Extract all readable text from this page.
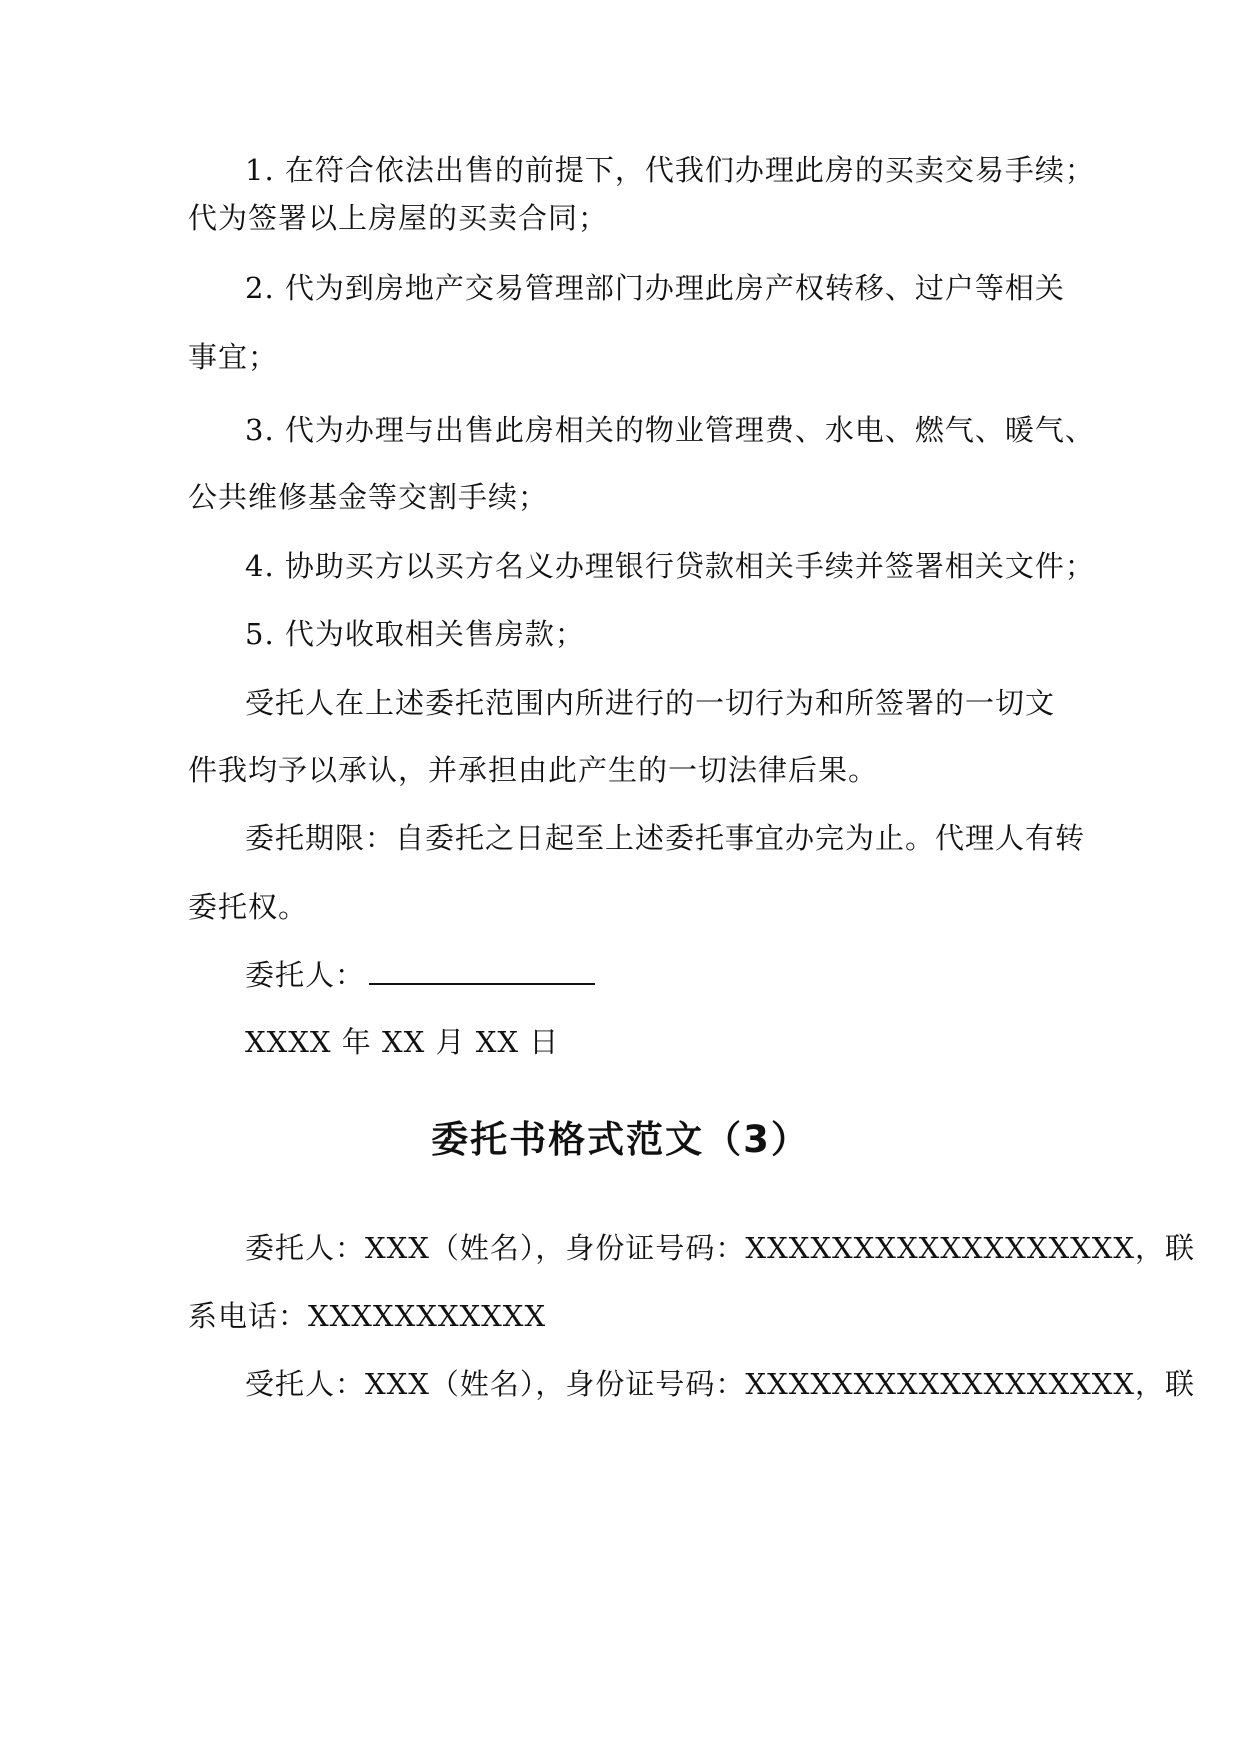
1. 在符合依法出售的前提下，代我们办理此房的买卖交易手续；
代为签署以上房屋的买卖合同；
2. 代为到房地产交易管理部门办理此房产权转移、过户等相关
事宜；
3. 代为办理与出售此房相关的物业管理费、水电、燃气、暖气、
公共维修基金等交割手续；
4. 协助买方以买方名义办理银行贷款相关手续并签署相关文件；
5. 代为收取相关售房款；
受托人在上述委托范围内所进行的一切行为和所签署的一切文
件我均予以承认，并承担由此产生的一切法律后果。
委托期限：自委托之日起至上述委托事宜办完为止。代理人有转
委托权。
委托人：
XXXX 年 XX 月 XX 日
委托书格式范文（3）
委托人：XXX（姓名），身份证号码：XXXXXXXXXXXXXXXXXX，联
系电话：XXXXXXXXXXX
受托人：XXX（姓名），身份证号码：XXXXXXXXXXXXXXXXXX，联
